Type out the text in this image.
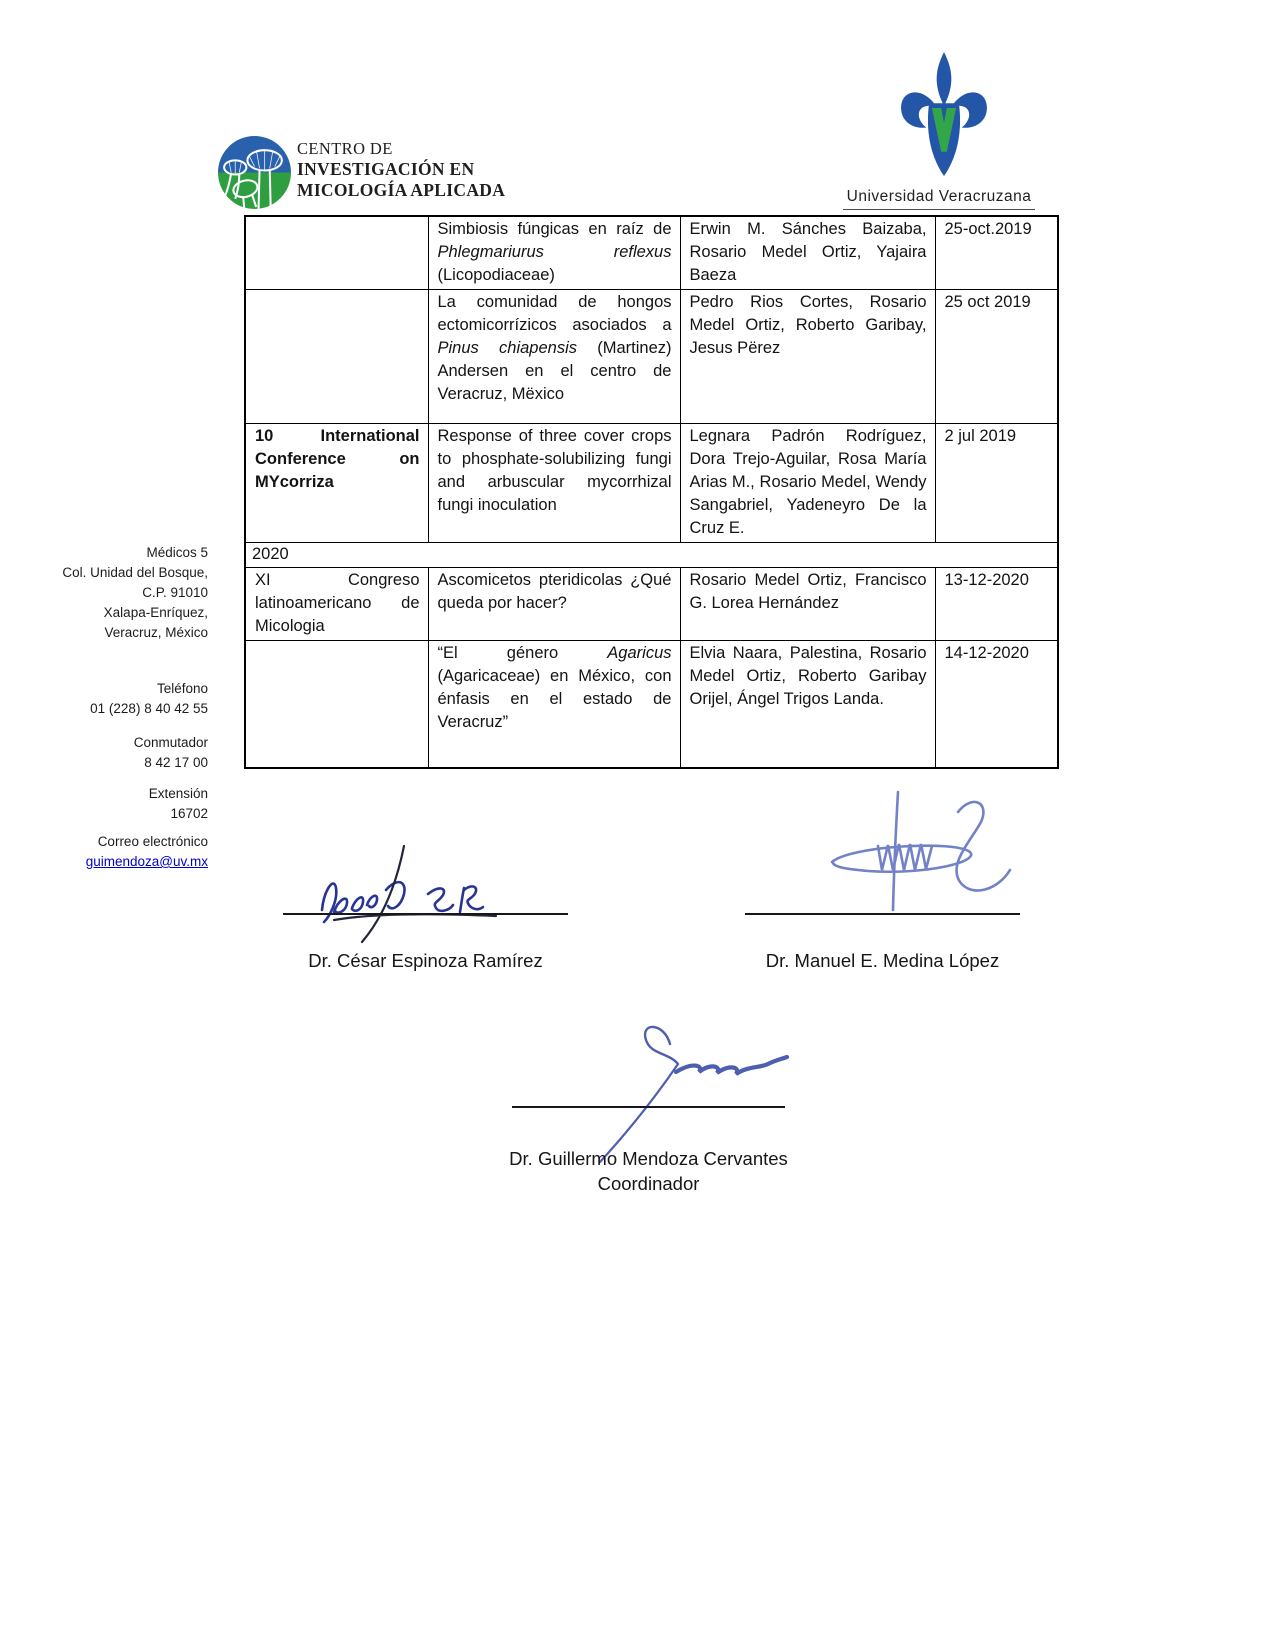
CENTRO DE
INVESTIGACIÓN EN
MICOLOGÍA APLICADA	Universidad Veracruzana
Médicos 5
Col. Unidad del Bosque,
C.P. 91010
Xalapa-Enríquez,
Veracruz, México
Teléfono
01 (228) 8 40 42 55
Conmutador
8 42 17 00
Extensión
16702
Correo electrónico
guimendoza@uv.mx
	Simbiosis fúngicas en raíz de Phlegmariurus reflexus (Licopodiaceae)	Erwin M. Sánches Baizaba, Rosario Medel Ortiz, Yajaira Baeza	25-oct.2019
	La comunidad de hongos ectomicorrízicos asociados a Pinus chiapensis (Martinez) Andersen en el centro de Veracruz, Mëxico	Pedro Rios Cortes, Rosario Medel Ortiz, Roberto Garibay, Jesus Përez	25 oct 2019
10 International Conference on MYcorriza	Response of three cover crops to phosphate-solubilizing fungi and arbuscular mycorrhizal fungi inoculation	Legnara Padrón Rodríguez, Dora Trejo-Aguilar, Rosa María Arias M., Rosario Medel, Wendy Sangabriel, Yadeneyro De la Cruz E.	2 jul 2019
2020			
XI Congreso latinoamericano de Micologia	Ascomicetos pteridicolas ¿Qué queda por hacer?	Rosario Medel Ortiz, Francisco G. Lorea Hernández	13-12-2020
	“El género Agaricus (Agaricaceae) en México, con énfasis en el estado de Veracruz”	Elvia Naara, Palestina, Rosario Medel Ortiz, Roberto Garibay Orijel, Ángel Trigos Landa.	14-12-2020
Dr. César Espinoza Ramírez	Dr. Manuel E. Medina López
Dr. Guillermo Mendoza Cervantes
Coordinador
